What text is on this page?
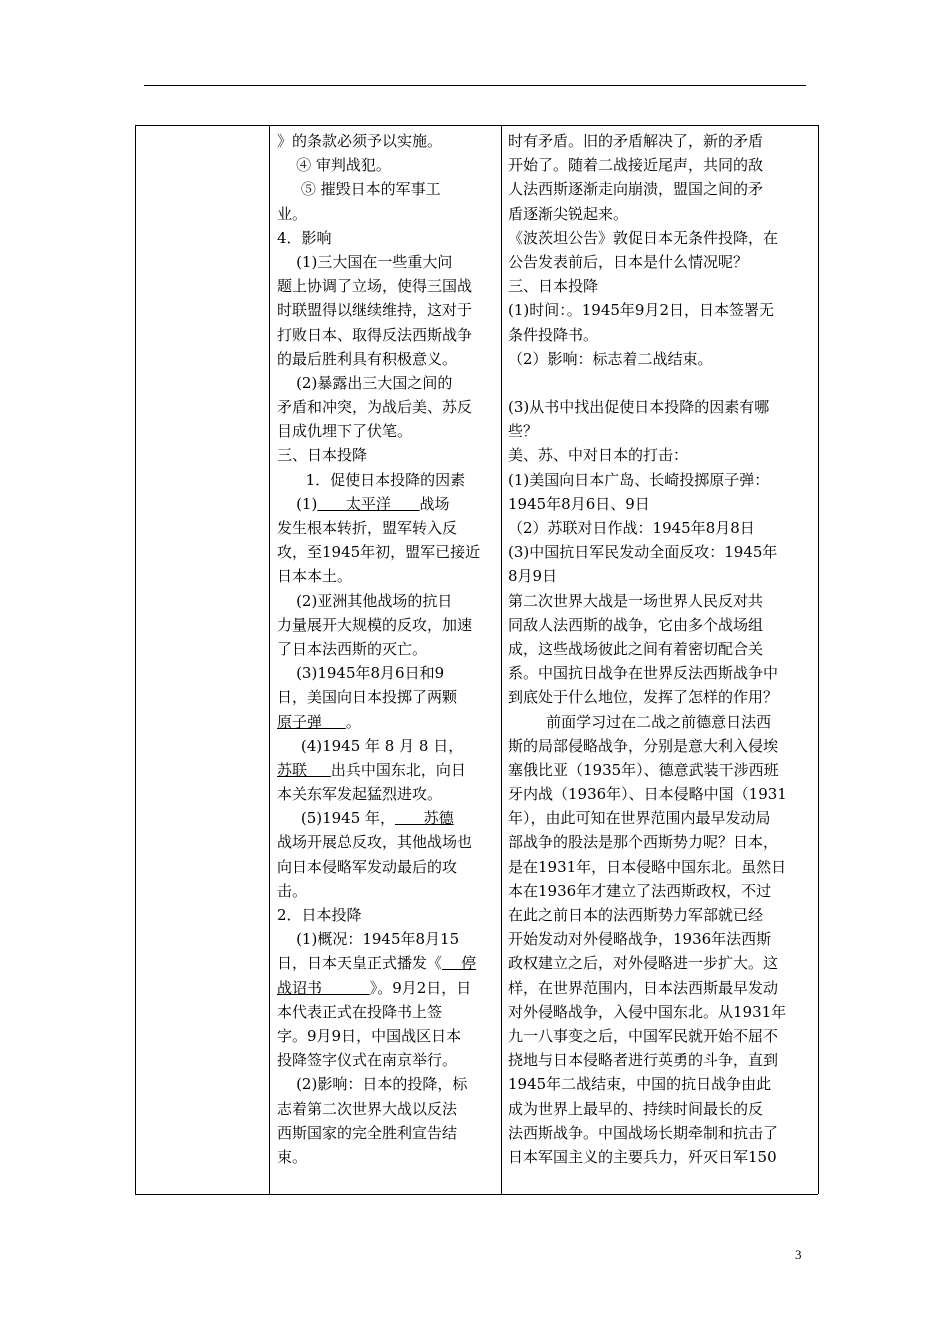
》的条款必须予以实施。
④ 审判战犯。
⑤ 摧毁日本的军事工
业。
4．影响
(1)三大国在一些重大问
题上协调了立场，使得三国战
时联盟得以继续维持，这对于
打败日本、取得反法西斯战争
的最后胜利具有积极意义。
(2)暴露出三大国之间的
矛盾和冲突，为战后美、苏反
目成仇埋下了伏笔。
三、日本投降
1．促使日本投降的因素
(1)      太平洋      战场
发生根本转折，盟军转入反
攻，至1945年初，盟军已接近
日本本土。
(2)亚洲其他战场的抗日
力量展开大规模的反攻，加速
了日本法西斯的灭亡。
(3)1945年8月6日和9
日，美国向日本投掷了两颗
原子弹     。
(4)1945 年 8 月 8 日，
苏联     出兵中国东北，向日
本关东军发起猛烈进攻。
(5)1945 年，      苏德
战场开展总反攻，其他战场也
向日本侵略军发动最后的攻
击。
2．日本投降
(1)概况：1945年8月15
日，日本天皇正式播发《    停
战诏书          》。9月2日，日
本代表正式在投降书上签
字。9月9日，中国战区日本
投降签字仪式在南京举行。
(2)影响：日本的投降，标
志着第二次世界大战以反法
西斯国家的完全胜利宣告结
束。
时有矛盾。旧的矛盾解决了，新的矛盾
开始了。随着二战接近尾声，共同的敌
人法西斯逐渐走向崩溃，盟国之间的矛
盾逐渐尖锐起来。
《波茨坦公告》敦促日本无条件投降，在
公告发表前后，日本是什么情况呢？
三、日本投降
(1)时间：。1945年9月2日，日本签署无
条件投降书。
（2）影响：标志着二战结束。
(3)从书中找出促使日本投降的因素有哪
些？
美、苏、中对日本的打击：
(1)美国向日本广岛、长崎投掷原子弹：
1945年8月6日、9日
（2）苏联对日作战：1945年8月8日
(3)中国抗日军民发动全面反攻：1945年
8月9日
第二次世界大战是一场世界人民反对共
同敌人法西斯的战争，它由多个战场组
成，这些战场彼此之间有着密切配合关
系。中国抗日战争在世界反法西斯战争中
到底处于什么地位，发挥了怎样的作用？
前面学习过在二战之前德意日法西
斯的局部侵略战争，分别是意大利入侵埃
塞俄比亚（1935年）、德意武装干涉西班
牙内战（1936年）、日本侵略中国（1931
年），由此可知在世界范围内最早发动局
部战争的股法是那个西斯势力呢？日本，
是在1931年，日本侵略中国东北。虽然日
本在1936年才建立了法西斯政权，不过
在此之前日本的法西斯势力军部就已经
开始发动对外侵略战争，1936年法西斯
政权建立之后，对外侵略进一步扩大。这
样，在世界范围内，日本法西斯最早发动
对外侵略战争，入侵中国东北。从1931年
九一八事变之后，中国军民就开始不屈不
挠地与日本侵略者进行英勇的斗争，直到
1945年二战结束，中国的抗日战争由此
成为世界上最早的、持续时间最长的反
法西斯战争。中国战场长期牵制和抗击了
日本军国主义的主要兵力，歼灭日军150
3
